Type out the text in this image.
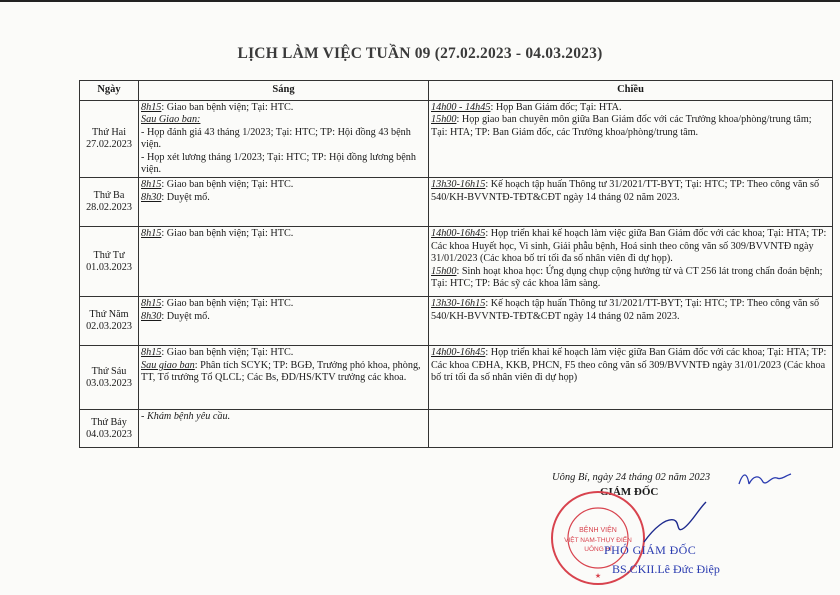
LỊCH LÀM VIỆC TUẦN 09 (27.02.2023 - 04.03.2023)
Ngày	Sáng	Chiều

Thứ Hai
27.02.2023	8h15: Giao ban bệnh viện; Tại: HTC.
Sau Giao ban:
- Họp đánh giá 43 tháng 1/2023; Tại: HTC; TP: Hội đồng 43 bệnh viện.
- Họp xét lương tháng 1/2023; Tại: HTC; TP: Hội đồng lương bệnh viện.	14h00 - 14h45: Họp Ban Giám đốc; Tại: HTA.
15h00: Họp giao ban chuyên môn giữa Ban Giám đốc với các Trưởng khoa/phòng/trung tâm; Tại: HTA; TP: Ban Giám đốc, các Trưởng khoa/phòng/trung tâm.

Thứ Ba
28.02.2023	8h15: Giao ban bệnh viện; Tại: HTC.
8h30: Duyệt mổ.	13h30-16h15: Kế hoạch tập huấn Thông tư 31/2021/TT-BYT; Tại: HTC; TP: Theo công văn số 540/KH-BVVNTĐ-TĐT&CĐT ngày 14 tháng 02 năm 2023.

Thứ Tư
01.03.2023	8h15: Giao ban bệnh viện; Tại: HTC.	14h00-16h45: Họp triển khai kế hoạch làm việc giữa Ban Giám đốc với các khoa; Tại: HTA; TP: Các khoa Huyết học, Vi sinh, Giải phẫu bệnh, Hoá sinh theo công văn số 309/BVVNTĐ ngày 31/01/2023 (Các khoa bố trí tối đa số nhân viên đi dự họp).
15h00: Sinh hoạt khoa học: Ứng dụng chụp cộng hưởng từ và CT 256 lát trong chẩn đoán bệnh; Tại: HTC; TP: Bác sỹ các khoa lâm sàng.

Thứ Năm
02.03.2023	8h15: Giao ban bệnh viện; Tại: HTC.
8h30: Duyệt mổ.	13h30-16h15: Kế hoạch tập huấn Thông tư 31/2021/TT-BYT; Tại: HTC; TP: Theo công văn số 540/KH-BVVNTĐ-TĐT&CĐT ngày 14 tháng 02 năm 2023.

Thứ Sáu
03.03.2023	8h15: Giao ban bệnh viện; Tại: HTC.
Sau giao ban: Phân tích SCYK; TP: BGĐ, Trưởng phó khoa, phòng, TT, Tổ trưởng Tổ QLCL; Các Bs, ĐD/HS/KTV trưởng các khoa.	14h00-16h45: Họp triển khai kế hoạch làm việc giữa Ban Giám đốc với các khoa; Tại: HTA; TP: Các khoa CĐHA, KKB, PHCN, F5 theo công văn số 309/BVVNTĐ ngày 31/01/2023 (Các khoa bố trí tối đa số nhân viên đi dự họp)

Thứ Bảy
04.03.2023	- Khám bệnh yêu cầu.	

Uông Bí, ngày 24 tháng 02 năm 2023
GIÁM ĐỐC
BỆNH VIỆN
VIỆT NAM-THỤY ĐIỂN
UÔNG BÍ
★
PHÓ GIÁM ĐỐC
BS.CKII.Lê Đức Điệp
